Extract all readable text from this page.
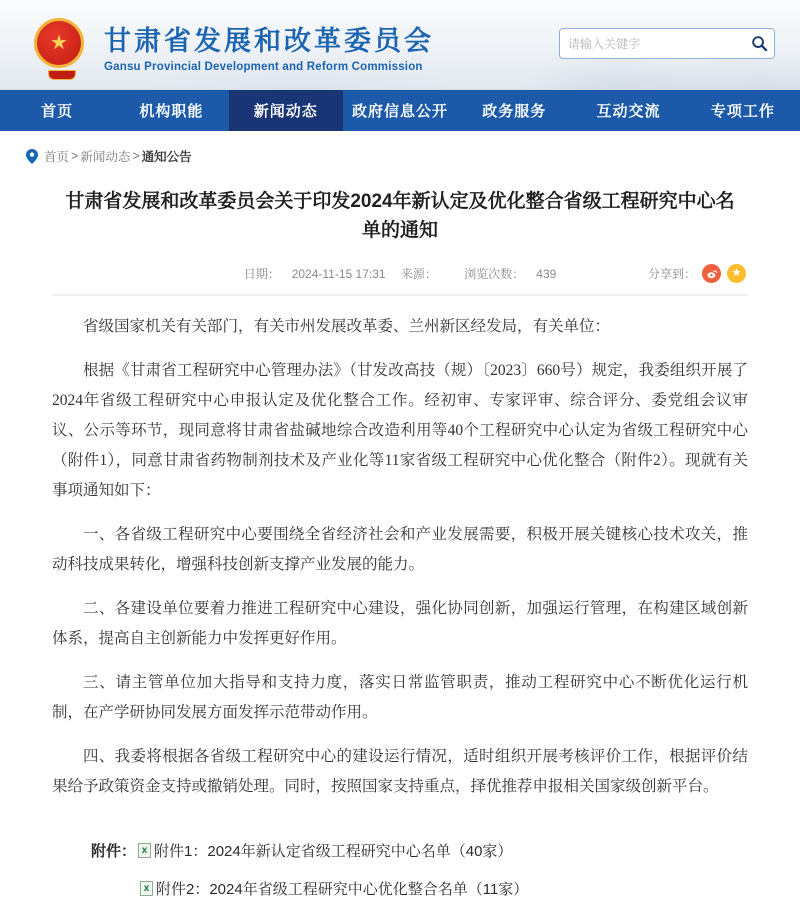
★	甘肃省发展和改革委员会
Gansu Provincial Development and Reform Commission
请输入关键字
首页	机构职能	新闻动态	政府信息公开	政务服务	互动交流	专项工作
首页 > 新闻动态 > 通知公告
甘肃省发展和改革委员会关于印发2024年新认定及优化整合省级工程研究中心名单的通知
日期： 2024-11-15 17:31 来源： 浏览次数： 439	分享到：	★

省级国家机关有关部门，有关市州发展改革委、兰州新区经发局，有关单位：

根据《甘肃省工程研究中心管理办法》（甘发改高技（规）〔2023〕660号）规定，我委组织开展了2024年省级工程研究中心申报认定及优化整合工作。经初审、专家评审、综合评分、委党组会议审议、公示等环节，现同意将甘肃省盐碱地综合改造利用等40个工程研究中心认定为省级工程研究中心（附件1），同意甘肃省药物制剂技术及产业化等11家省级工程研究中心优化整合（附件2）。现就有关事项通知如下：

一、各省级工程研究中心要围绕全省经济社会和产业发展需要，积极开展关键核心技术攻关，推动科技成果转化，增强科技创新支撑产业发展的能力。

二、各建设单位要着力推进工程研究中心建设，强化协同创新，加强运行管理，在构建区域创新体系，提高自主创新能力中发挥更好作用。

三、请主管单位加大指导和支持力度，落实日常监管职责，推动工程研究中心不断优化运行机制，在产学研协同发展方面发挥示范带动作用。

四、我委将根据各省级工程研究中心的建设运行情况，适时组织开展考核评价工作，根据评价结果给予政策资金支持或撤销处理。同时，按照国家支持重点，择优推荐申报相关国家级创新平台。

附件： x 附件1：2024年新认定省级工程研究中心名单（40家）
x 附件2：2024年省级工程研究中心优化整合名单（11家）
